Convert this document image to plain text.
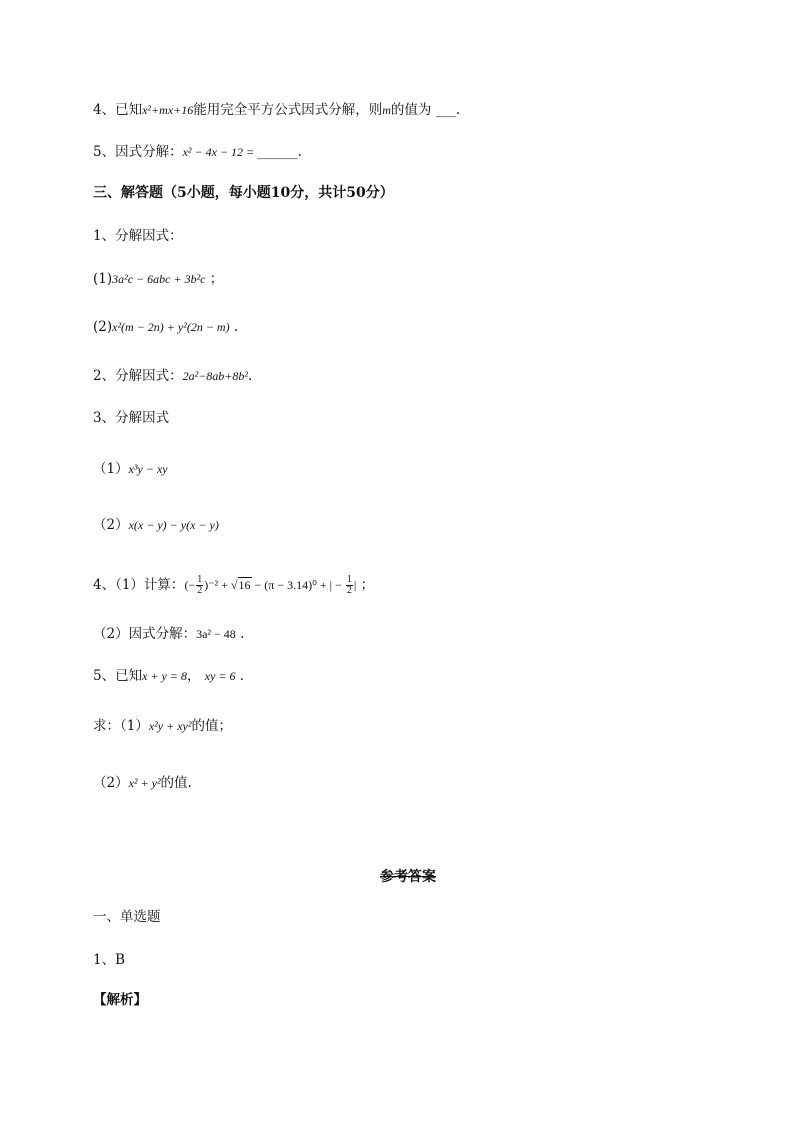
4、已知x²+mx+16能用完全平方公式因式分解，则m的值为 ___.
5、因式分解：x² − 4x − 12 = ______.
三、解答题（5小题，每小题10分，共计50分）
1、分解因式：
(1)3a²c − 6abc + 3b²c ；
(2)x²(m − 2n) + y²(2n − m) .
2、分解因式：2a²−8ab+8b².
3、分解因式
（1）x³y − xy
（2）x(x − y) − y(x − y)
4、（1）计算：(− $\frac{1}{2} )^{-2} + √16 - (\pi - 3.14)^0$ + | − $\frac{1}{2}$ | ；
（2）因式分解：3a² − 48 .
5、已知x + y = 8， xy = 6 .
求：（1）x²y + xy²的值；
（2）x² + y²的值.
参考答案
一、单选题
1、B
【解析】
